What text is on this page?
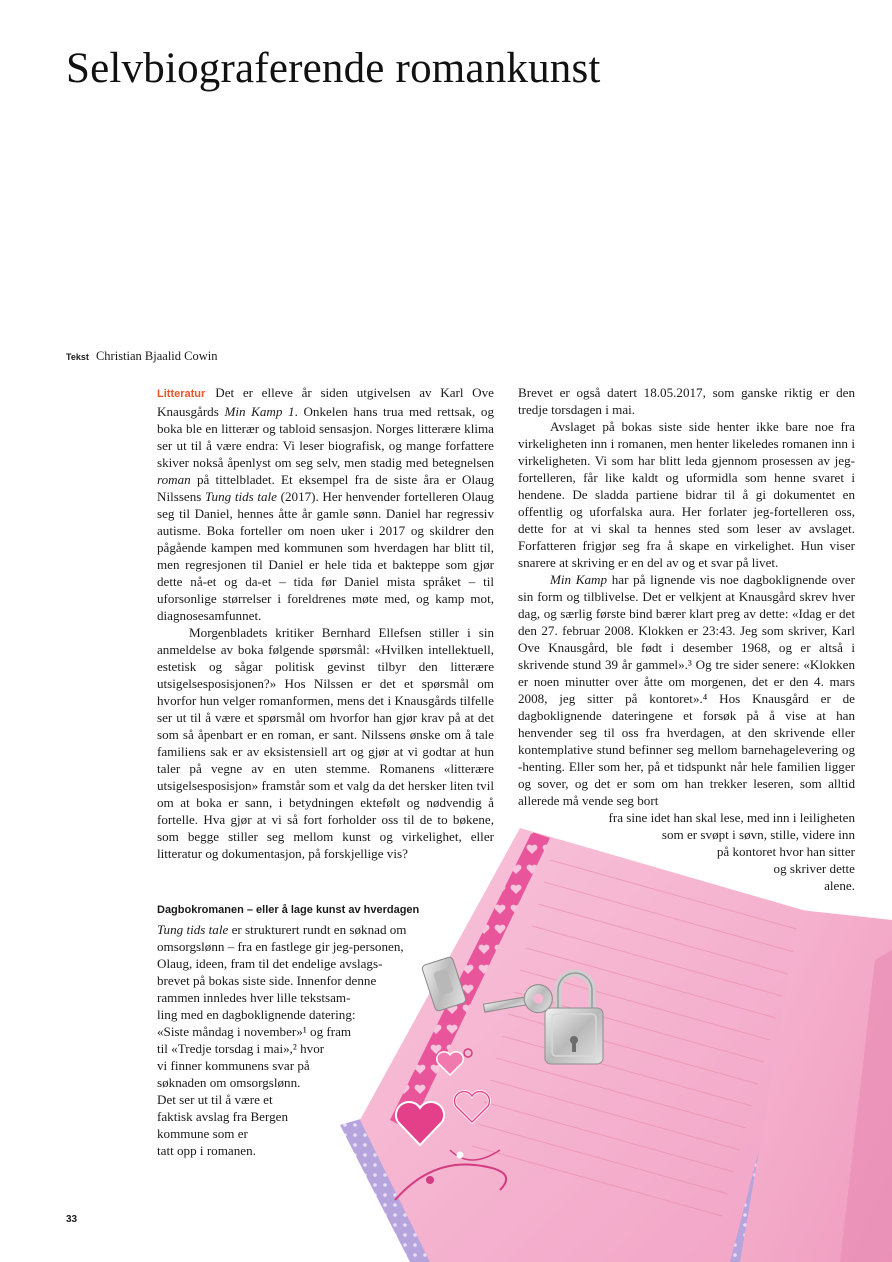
Selvbiograferende romankunst
Tekst Christian Bjaalid Cowin

Litteratur Det er elleve år siden utgivelsen av Karl Ove Knausgårds Min Kamp 1. Onkelen hans trua med rettsak, og boka ble en litterær og tabloid sensasjon. Norges litterære klima ser ut til å være endra: Vi leser biografisk, og mange forfattere skiver nokså åpenlyst om seg selv, men stadig med betegnelsen roman på tittelbladet. Et eksempel fra de siste åra er Olaug Nilssens Tung tids tale (2017). Her henvender fortelleren Olaug seg til Daniel, hennes åtte år gamle sønn. Daniel har regressiv autisme. Boka forteller om noen uker i 2017 og skildrer den pågående kampen med kommunen som hverdagen har blitt til, men regresjonen til Daniel er hele tida et bakteppe som gjør dette nå-et og da-et – tida før Daniel mista språket – til uforsonlige størrelser i foreldrenes møte med, og kamp mot, diagnosesamfunnet.

Morgenbladets kritiker Bernhard Ellefsen stiller i sin anmeldelse av boka følgende spørsmål: «Hvilken intellektuell, estetisk og sågar politisk gevinst tilbyr den litterære utsigelsesposisjonen?» Hos Nilssen er det et spørsmål om hvorfor hun velger romanformen, mens det i Knausgårds tilfelle ser ut til å være et spørsmål om hvorfor han gjør krav på at det som så åpenbart er en roman, er sant. Nilssens ønske om å tale familiens sak er av eksistensiell art og gjør at vi godtar at hun taler på vegne av en uten stemme. Romanens «litterære utsigelsesposisjon» framstår som et valg da det hersker liten tvil om at boka er sann, i betydningen ektefølt og nødvendig å fortelle. Hva gjør at vi så fort forholder oss til de to bøkene, som begge stiller seg mellom kunst og virkelighet, eller litteratur og dokumentasjon, på forskjellige vis?

Dagbokromanen – eller å lage kunst av hverdagen
Tung tids tale er strukturert rundt en søknad om
omsorgslønn – fra en fastlege gir jeg-personen,
Olaug, ideen, fram til det endelige avslags-
brevet på bokas siste side. Innenfor denne
rammen innledes hver lille tekstsam-
ling med en dagboklignende datering:
«Siste måndag i november»¹ og fram
til «Tredje torsdag i mai»,² hvor
vi finner kommunens svar på
søknaden om omsorgslønn.
Det ser ut til å være et
faktisk avslag fra Bergen
kommune som er
tatt opp i romanen.

Brevet er også datert 18.05.2017, som ganske riktig er den tredje torsdagen i mai.

Avslaget på bokas siste side henter ikke bare noe fra virkeligheten inn i romanen, men henter likeledes romanen inn i virkeligheten. Vi som har blitt leda gjennom prosessen av jeg-fortelleren, får like kaldt og uformidla som henne svaret i hendene. De sladda partiene bidrar til å gi dokumentet en offentlig og uforfalska aura. Her forlater jeg-fortelleren oss, dette for at vi skal ta hennes sted som leser av avslaget. Forfatteren frigjør seg fra å skape en virkelighet. Hun viser snarere at skriving er en del av og et svar på livet.

Min Kamp har på lignende vis noe dagboklignende over sin form og tilblivelse. Det er velkjent at Knausgård skrev hver dag, og særlig første bind bærer klart preg av dette: «Idag er det den 27. februar 2008. Klokken er 23:43. Jeg som skriver, Karl Ove Knausgård, ble født i desember 1968, og er altså i skrivende stund 39 år gammel».³ Og tre sider senere: «Klokken er noen minutter over åtte om morgenen, det er den 4. mars 2008, jeg sitter på kontoret».⁴ Hos Knausgård er de dagboklignende dateringene et forsøk på å vise at han henvender seg til oss fra hverdagen, at den skrivende eller kontemplative stund befinner seg mellom barnehagelevering og -henting. Eller som her, på et tidspunkt når hele familien ligger og sover, og det er som om han trekker leseren, som alltid allerede må vende seg bort

fra sine idet han skal lese, med inn i leiligheten
som er svøpt i søvn, stille, videre inn
på kontoret hvor han sitter
og skriver dette
alene.
33
